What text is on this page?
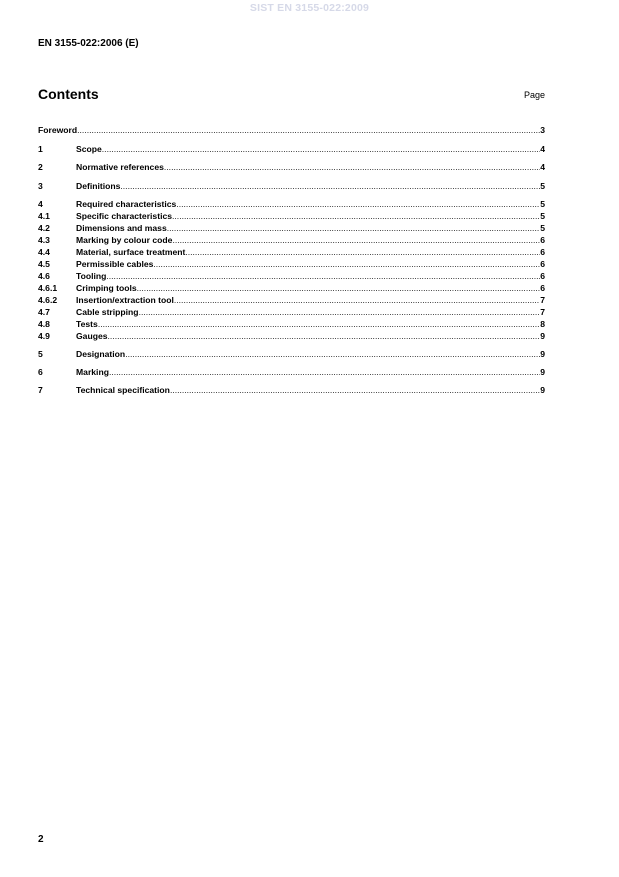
SIST EN 3155-022:2009
EN 3155-022:2006 (E)
Contents	Page
Foreword .....	3
1	Scope .....	4
2	Normative references .....	4
3	Definitions .....	5
4	Required characteristics .....	5
4.1	Specific characteristics .....	5
4.2	Dimensions and mass .....	5
4.3	Marking by colour code .....	6
4.4	Material, surface treatment .....	6
4.5	Permissible cables .....	6
4.6	Tooling .....	6
4.6.1	Crimping tools .....	6
4.6.2	Insertion/extraction tool .....	7
4.7	Cable stripping .....	7
4.8	Tests .....	8
4.9	Gauges .....	9
5	Designation .....	9
6	Marking .....	9
7	Technical specification .....	9
2
